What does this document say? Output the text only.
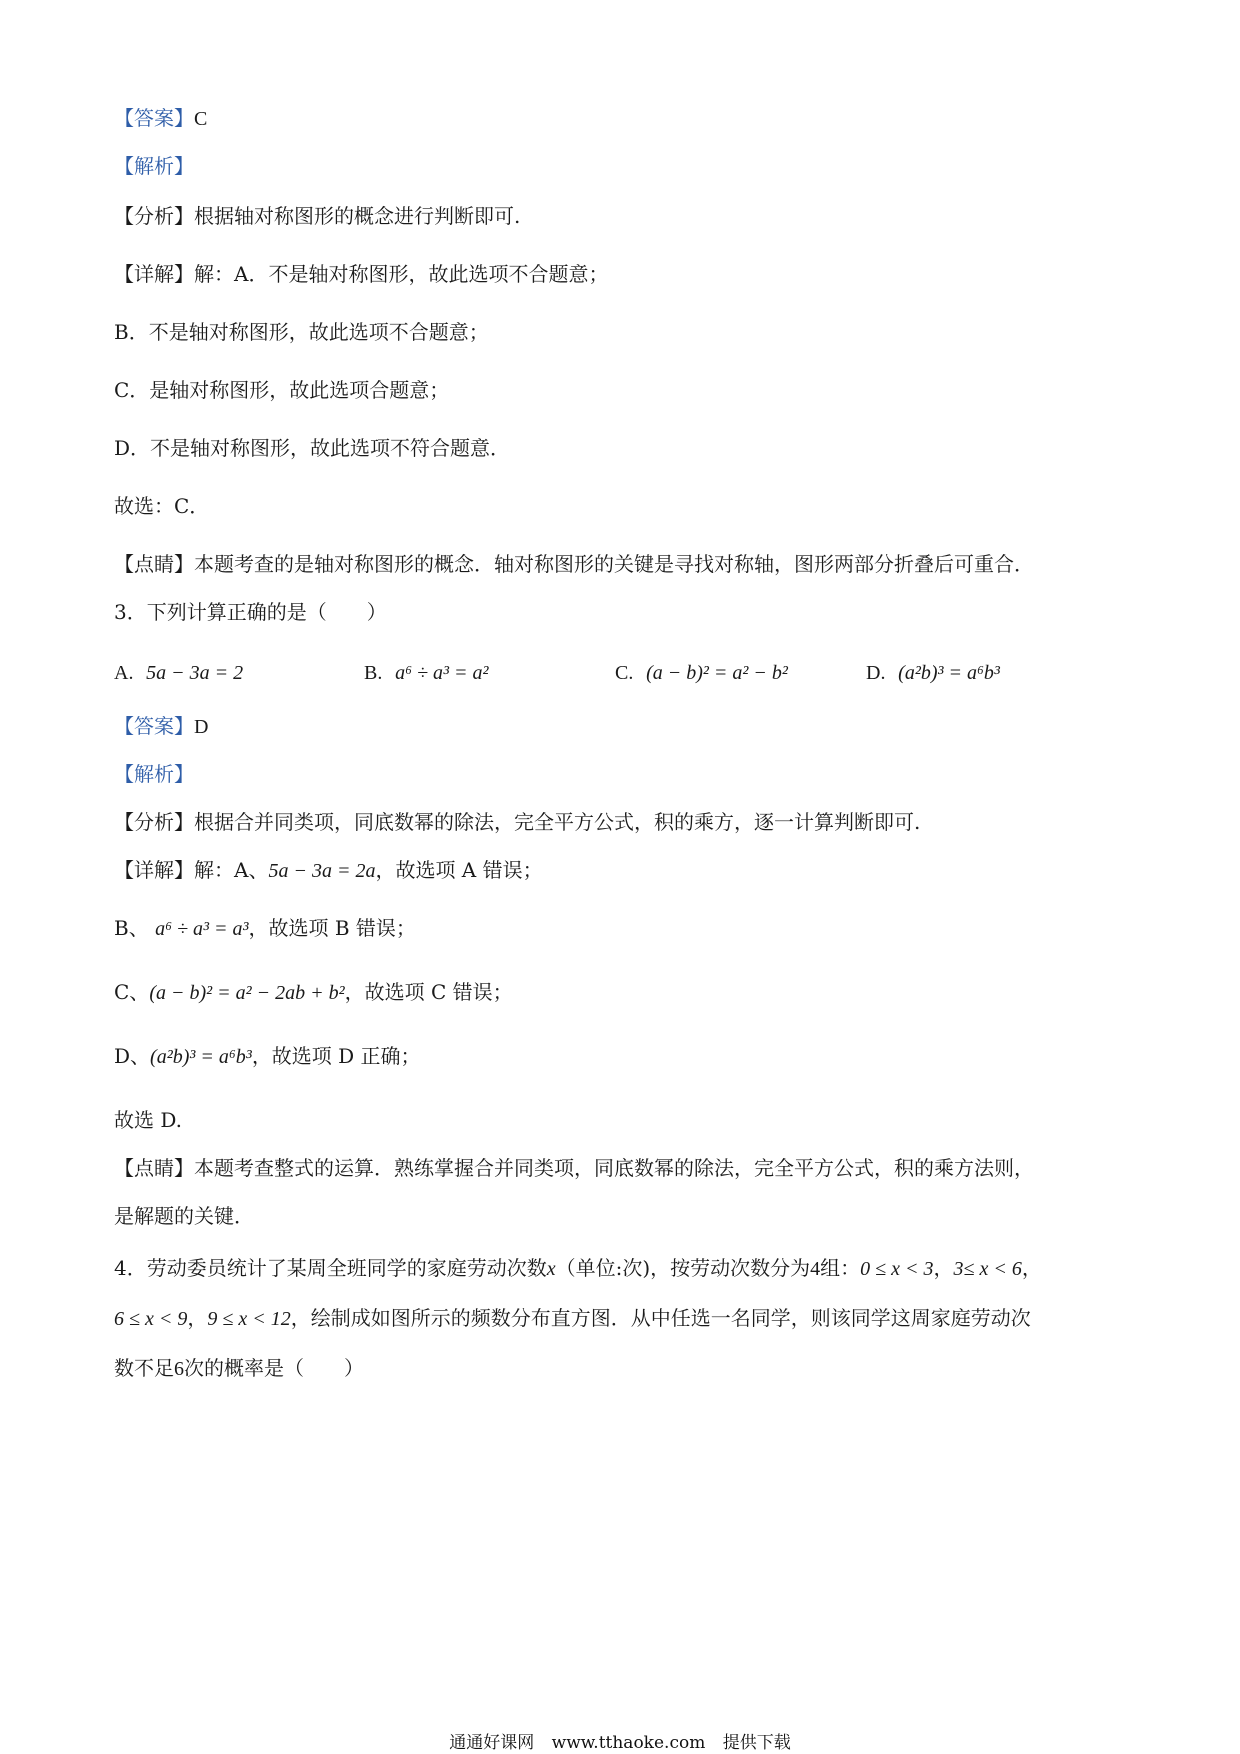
【答案】C
【解析】
【分析】根据轴对称图形的概念进行判断即可.
【详解】解：A．不是轴对称图形，故此选项不合题意；
B．不是轴对称图形，故此选项不合题意；
C．是轴对称图形，故此选项合题意；
D．不是轴对称图形，故此选项不符合题意．
故选：C．
【点睛】本题考查的是轴对称图形的概念．轴对称图形的关键是寻找对称轴，图形两部分折叠后可重合．
3．下列计算正确的是（　　）
A. 5a − 3a = 2	B. a⁶ ÷ a³ = a²	C. (a − b)² = a² − b²	D. (a²b)³ = a⁶b³
【答案】D
【解析】
【分析】根据合并同类项，同底数幂的除法，完全平方公式，积的乘方，逐一计算判断即可.
【详解】解：A、5a − 3a = 2a，故选项 A 错误；
B、 a⁶ ÷ a³ = a³，故选项 B 错误；
C、(a − b)² = a² − 2ab + b²，故选项 C 错误；
D、(a²b)³ = a⁶b³，故选项 D 正确；
故选 D.
【点睛】本题考查整式的运算．熟练掌握合并同类项，同底数幂的除法，完全平方公式，积的乘方法则，
是解题的关键．
4．劳动委员统计了某周全班同学的家庭劳动次数x（单位:次)，按劳动次数分为4组：0 ≤ x < 3，3≤ x < 6，
6 ≤ x < 9，9 ≤ x < 12，绘制成如图所示的频数分布直方图．从中任选一名同学，则该同学这周家庭劳动次
数不足6次的概率是（　　）
通通好课网 www.tthaoke.com 提供下载
